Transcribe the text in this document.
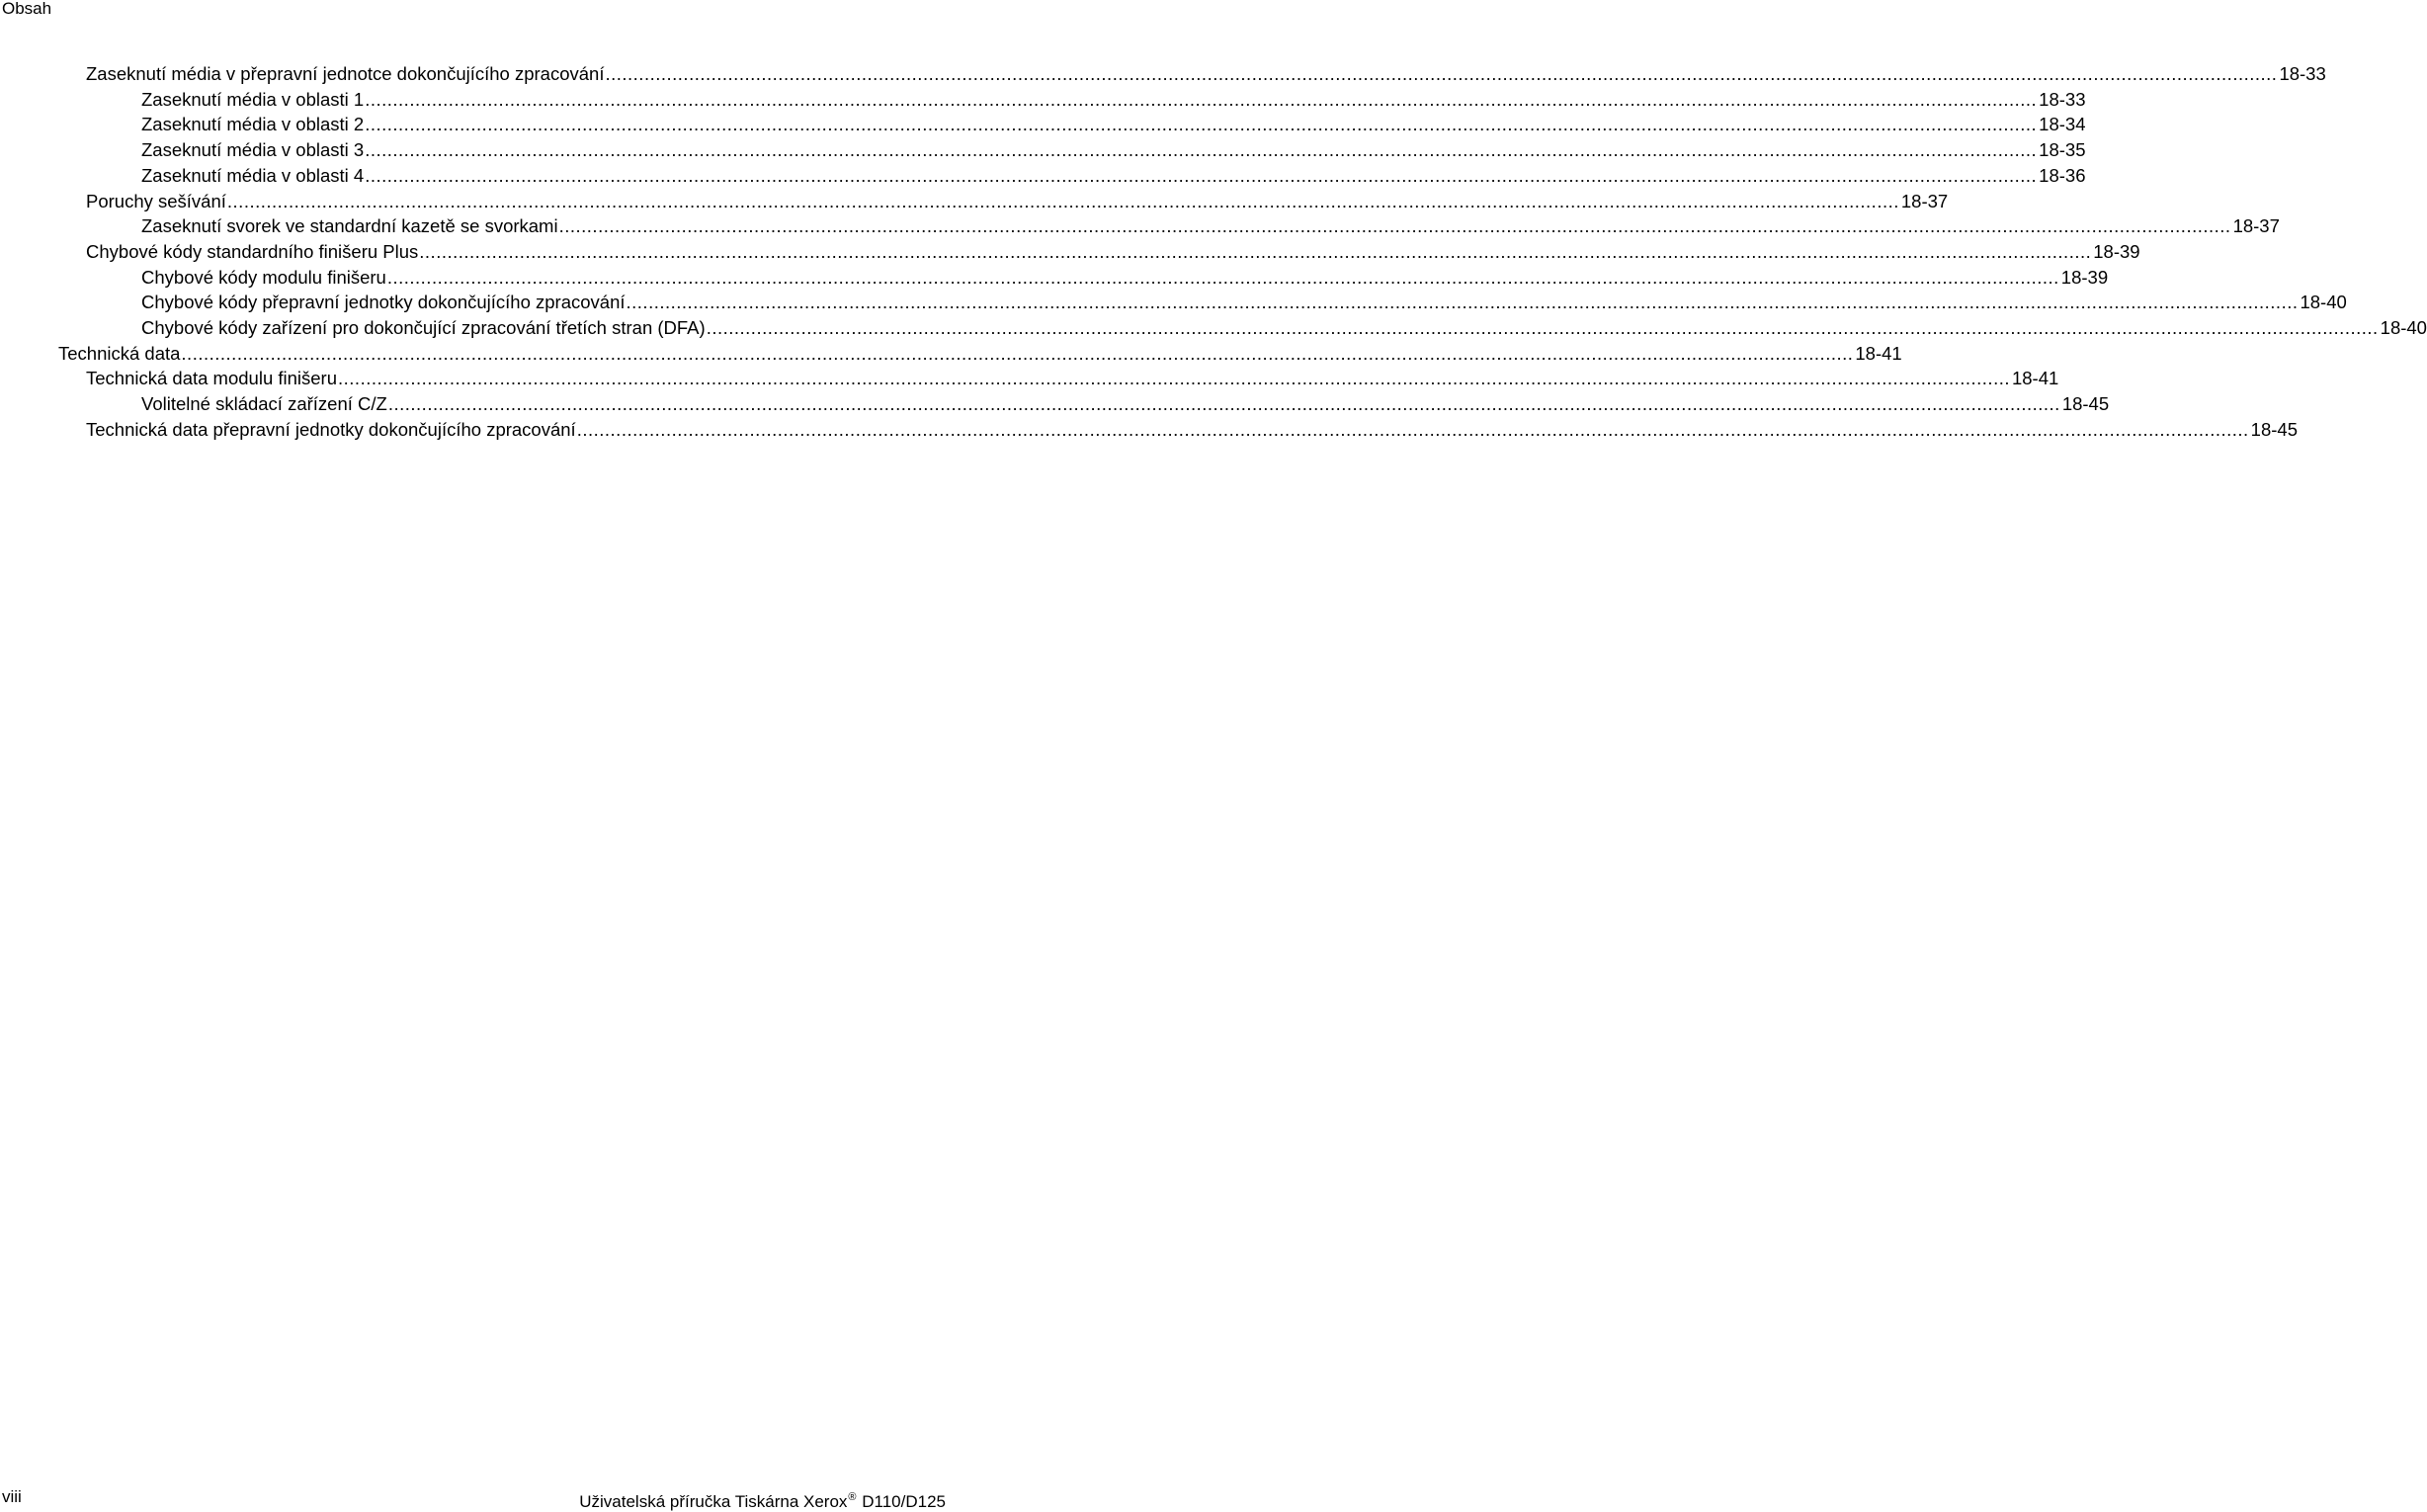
Obsah
Zaseknutí média v přepravní jednotce dokončujícího zpracování ............................................................................................................................................................................................................................................................................................................ 18-33
Zaseknutí média v oblasti 1 ............................................................................................................................................................................................................................................................................................................ 18-33
Zaseknutí média v oblasti 2 ............................................................................................................................................................................................................................................................................................................ 18-34
Zaseknutí média v oblasti 3 ............................................................................................................................................................................................................................................................................................................ 18-35
Zaseknutí média v oblasti 4 ............................................................................................................................................................................................................................................................................................................ 18-36
Poruchy sešívání ............................................................................................................................................................................................................................................................................................................ 18-37
Zaseknutí svorek ve standardní kazetě se svorkami ............................................................................................................................................................................................................................................................................................................ 18-37
Chybové kódy standardního finišeru Plus ............................................................................................................................................................................................................................................................................................................ 18-39
Chybové kódy modulu finišeru ............................................................................................................................................................................................................................................................................................................ 18-39
Chybové kódy přepravní jednotky dokončujícího zpracování ............................................................................................................................................................................................................................................................................................................ 18-40
Chybové kódy zařízení pro dokončující zpracování třetích stran (DFA) ............................................................................................................................................................................................................................................................................................................ 18-40
Technická data ............................................................................................................................................................................................................................................................................................................ 18-41
Technická data modulu finišeru ............................................................................................................................................................................................................................................................................................................ 18-41
Volitelné skládací zařízení C/Z ............................................................................................................................................................................................................................................................................................................ 18-45
Technická data přepravní jednotky dokončujícího zpracování ............................................................................................................................................................................................................................................................................................................ 18-45
viii	Uživatelská příručka Tiskárna Xerox® D110/D125
